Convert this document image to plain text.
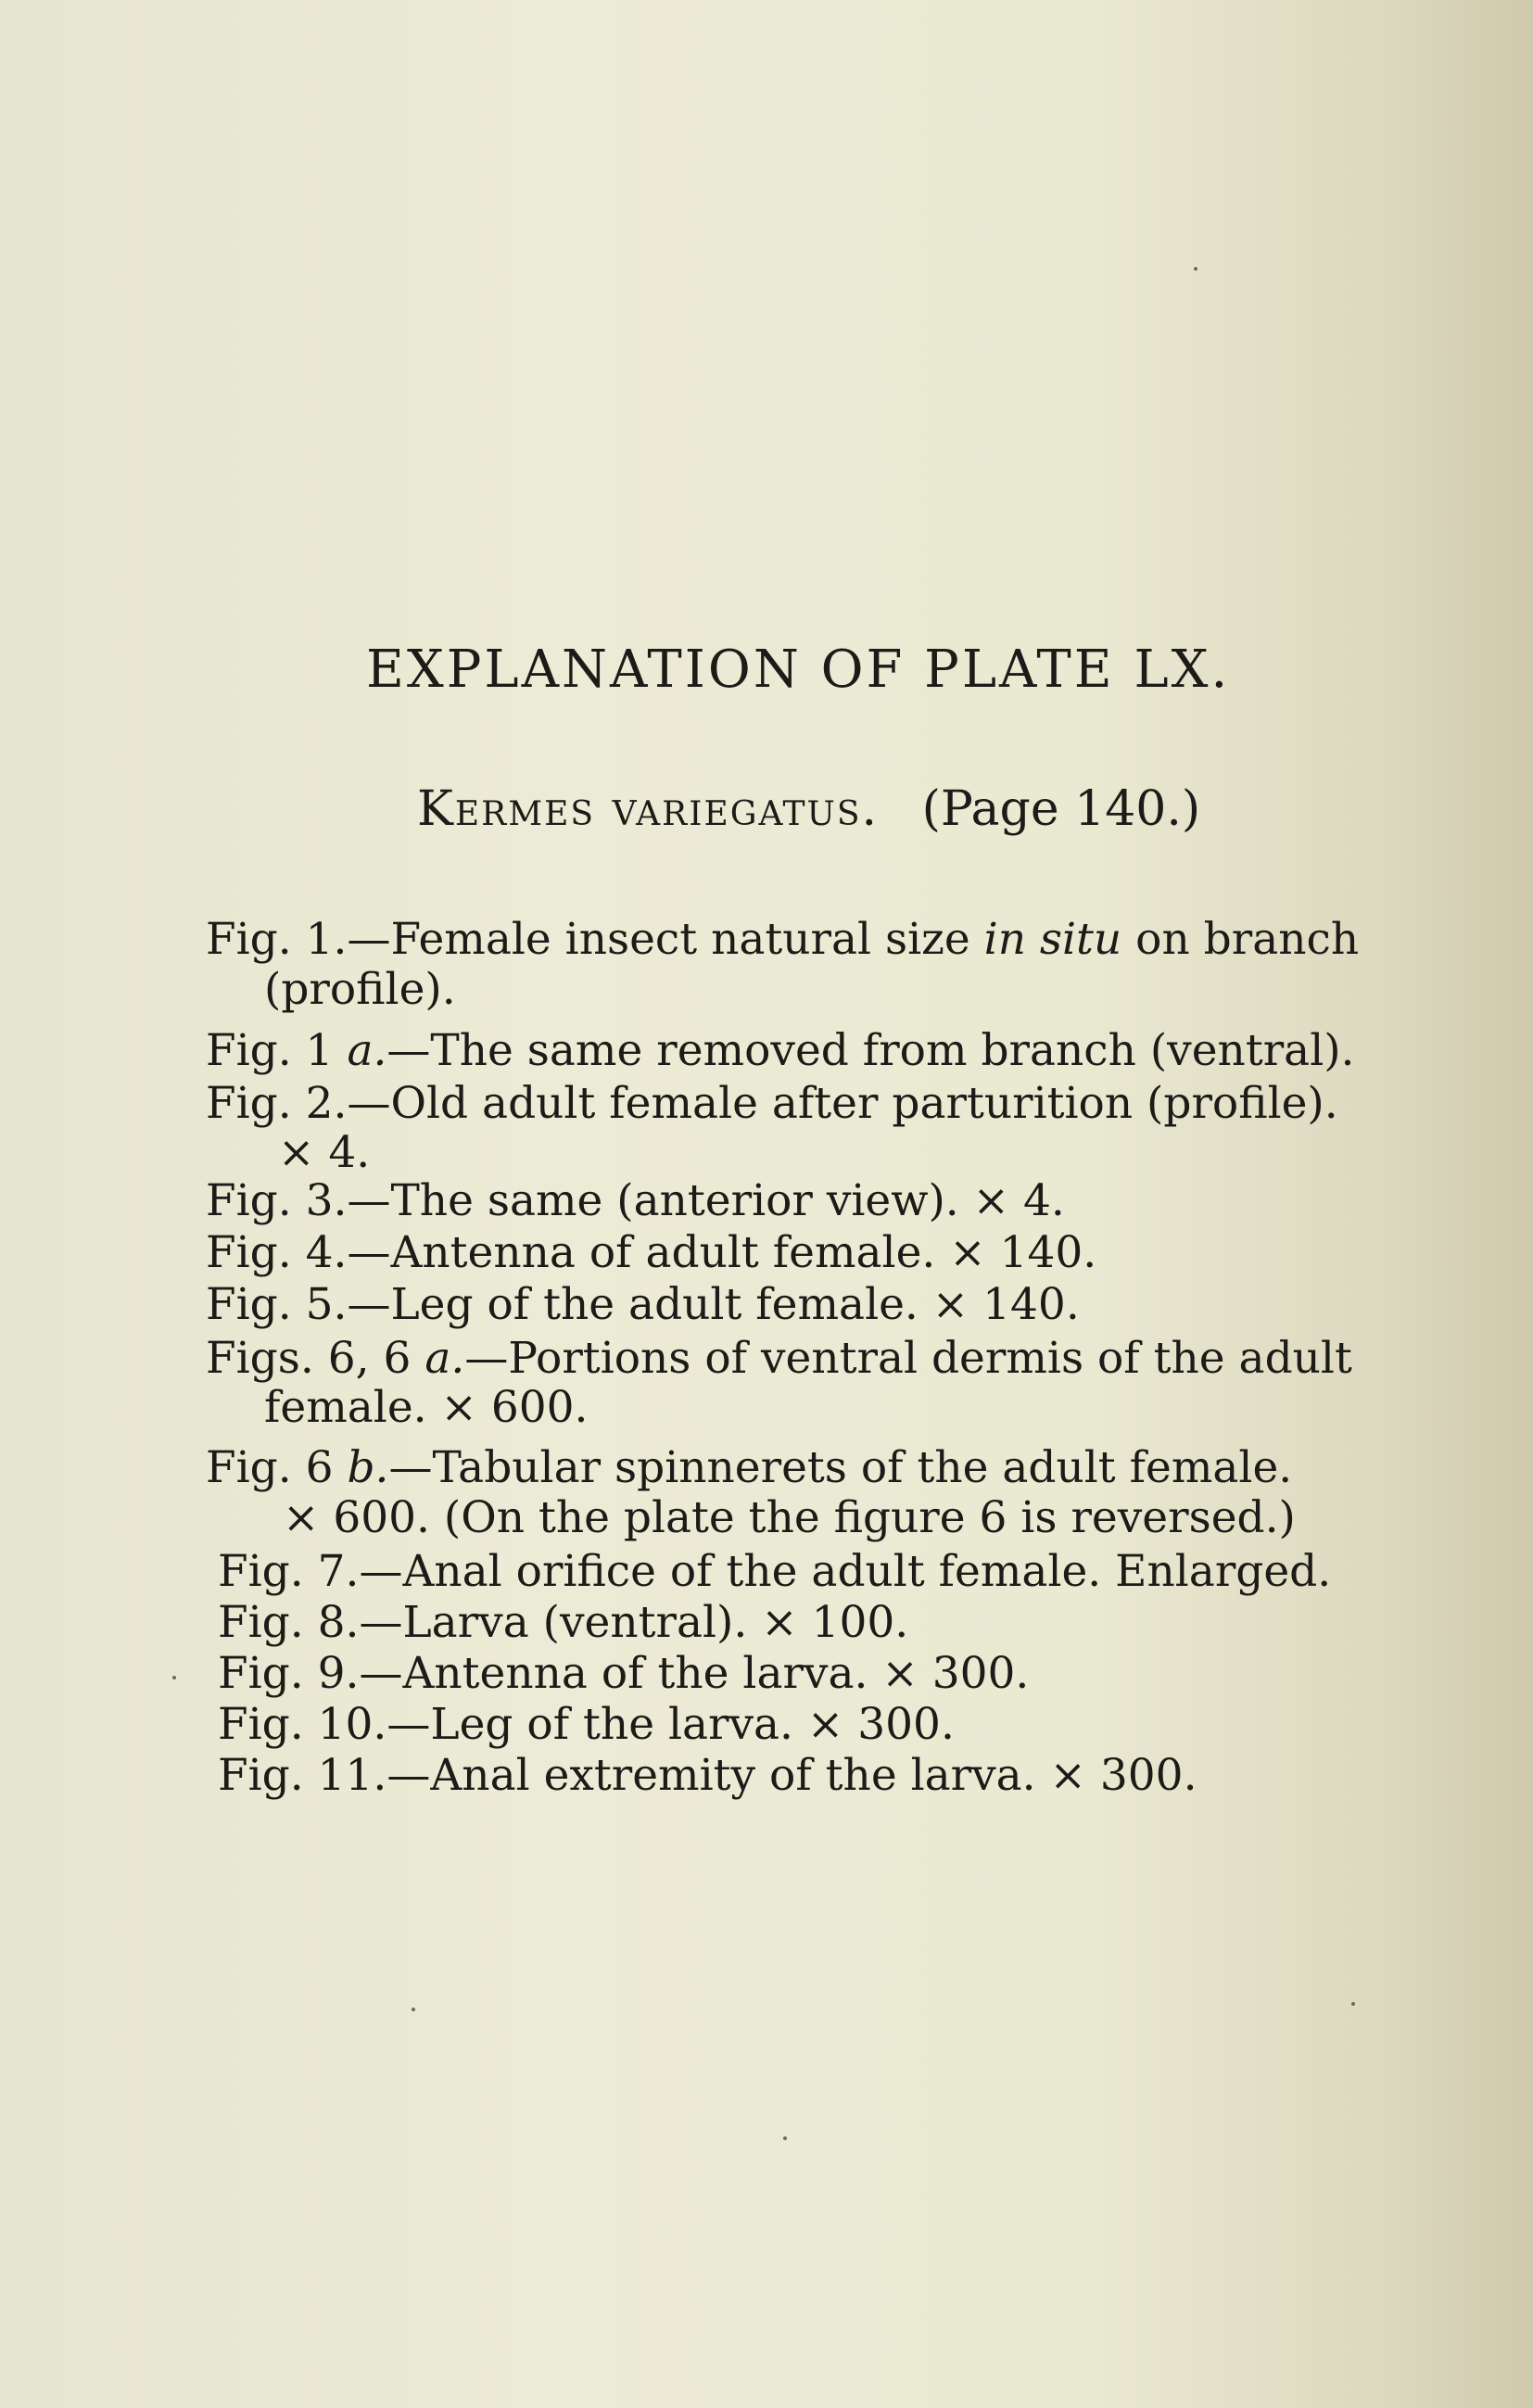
EXPLANATION OF PLATE LX.
Kermes variegatus. (Page 140.)
Fig. 1.—Female insect natural size in situ on branch
(profile).
Fig. 1 a.—The same removed from branch (ventral).
Fig. 2.—Old adult female after parturition (profile).
× 4.
Fig. 3.—The same (anterior view). × 4.
Fig. 4.—Antenna of adult female. × 140.
Fig. 5.—Leg of the adult female. × 140.
Figs. 6, 6 a.—Portions of ventral dermis of the adult
female. × 600.
Fig. 6 b.—Tabular spinnerets of the adult female.
× 600. (On the plate the figure 6 is reversed.)
Fig. 7.—Anal orifice of the adult female. Enlarged.
Fig. 8.—Larva (ventral). × 100.
Fig. 9.—Antenna of the larva. × 300.
Fig. 10.—Leg of the larva. × 300.
Fig. 11.—Anal extremity of the larva. × 300.
